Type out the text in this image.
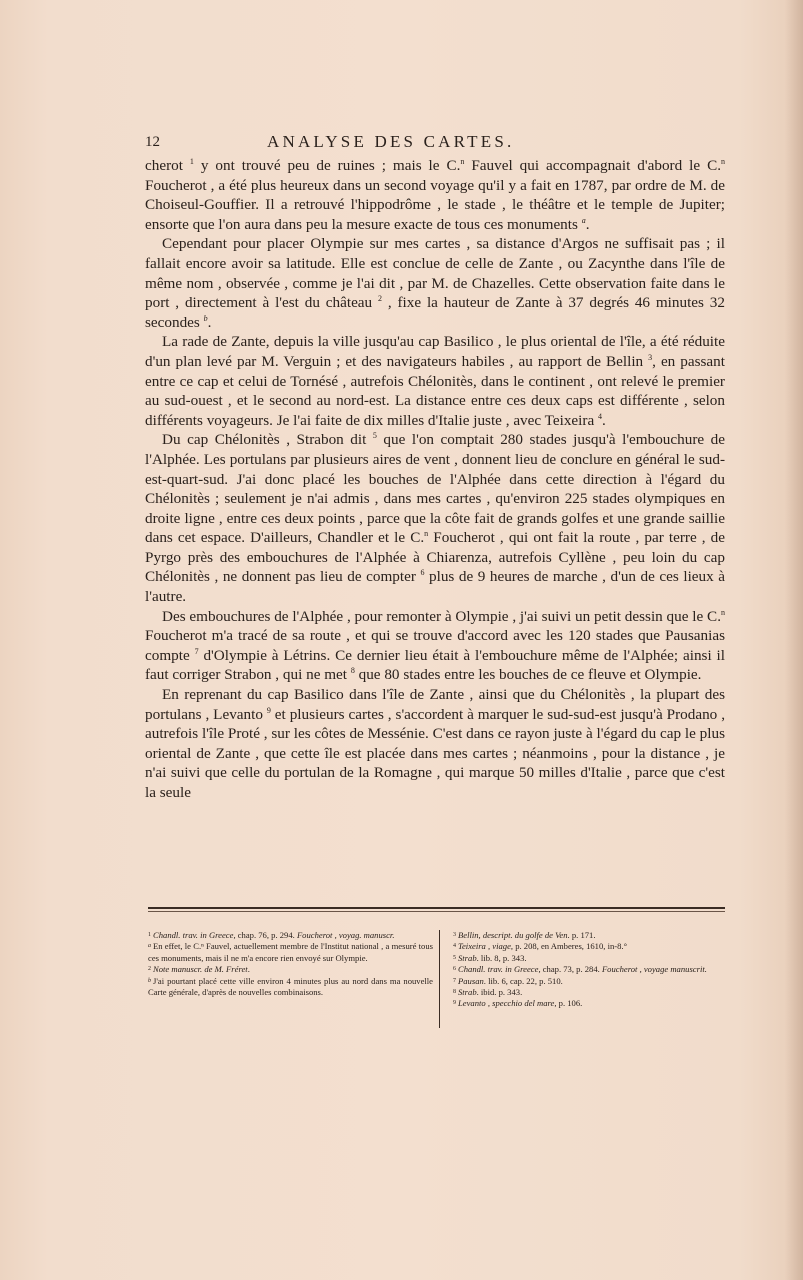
12	ANALYSE DES CARTES.

cherot $^1$ y ont trouvé peu de ruines ; mais le C.$^n$ Fauvel qui accompagnait d'abord le C.$^n$ Foucherot , a été plus heureux dans un second voyage qu'il y a fait en 1787, par ordre de M. de Choiseul-Gouffier. Il a retrouvé l'hippodrôme , le stade , le théâtre et le temple de Jupiter; ensorte que l'on aura dans peu la mesure exacte de tous ces monuments $^a$.

Cependant pour placer Olympie sur mes cartes , sa distance d'Argos ne suffisait pas ; il fallait encore avoir sa latitude. Elle est conclue de celle de Zante , ou Zacynthe dans l'île de même nom , observée , comme je l'ai dit , par M. de Chazelles. Cette observation faite dans le port , directement à l'est du château $^2$ , fixe la hauteur de Zante à 37 degrés 46 minutes 32 secondes $^b$.

La rade de Zante, depuis la ville jusqu'au cap Basilico , le plus oriental de l'île, a été réduite d'un plan levé par M. Verguin ; et des navigateurs habiles , au rapport de Bellin $^3$, en passant entre ce cap et celui de Tornésé , autrefois Chélonitès, dans le continent , ont relevé le premier au sud-ouest , et le second au nord-est. La distance entre ces deux caps est différente , selon différents voyageurs. Je l'ai faite de dix milles d'Italie juste , avec Teixeira $^4$.

Du cap Chélonitès , Strabon dit $^5$ que l'on comptait 280 stades jusqu'à l'embouchure de l'Alphée. Les portulans par plusieurs aires de vent , donnent lieu de conclure en général le sud-est-quart-sud. J'ai donc placé les bouches de l'Alphée dans cette direction à l'égard du Chélonitès ; seulement je n'ai admis , dans mes cartes , qu'environ 225 stades olympiques en droite ligne , entre ces deux points , parce que la côte fait de grands golfes et une grande saillie dans cet espace. D'ailleurs, Chandler et le C.$^n$ Foucherot , qui ont fait la route , par terre , de Pyrgo près des embouchures de l'Alphée à Chiarenza, autrefois Cyllène , peu loin du cap Chélonitès , ne donnent pas lieu de compter $^6$ plus de 9 heures de marche , d'un de ces lieux à l'autre.

Des embouchures de l'Alphée , pour remonter à Olympie , j'ai suivi un petit dessin que le C.$^n$ Foucherot m'a tracé de sa route , et qui se trouve d'accord avec les 120 stades que Pausanias compte $^7$ d'Olympie à Létrins. Ce dernier lieu était à l'embouchure même de l'Alphée; ainsi il faut corriger Strabon , qui ne met $^8$ que 80 stades entre les bouches de ce fleuve et Olympie.

En reprenant du cap Basilico dans l'île de Zante , ainsi que du Chélonitès , la plupart des portulans , Levanto $^9$ et plusieurs cartes , s'accordent à marquer le sud-sud-est jusqu'à Prodano , autrefois l'île Proté , sur les côtes de Messénie. C'est dans ce rayon juste à l'égard du cap le plus oriental de Zante , que cette île est placée dans mes cartes ; néanmoins , pour la distance , je n'ai suivi que celle du portulan de la Romagne , qui marque 50 milles d'Italie , parce que c'est la seule

$^1$ Chandl. trav. in Greece, chap. 76, p. 294. Foucherot , voyag. manuscr.

$^a$ En effet, le C.ⁿ Fauvel, actuellement membre de l'Institut national , a mesuré tous ces monuments, mais il ne m'a encore rien envoyé sur Olympie.

$^2$ Note manuscr. de M. Fréret.

$^b$ J'ai pourtant placé cette ville environ 4 minutes plus au nord dans ma nouvelle Carte générale, d'après de nouvelles combinaisons.

$^3$ Bellin, descript. du golfe de Ven. p. 171.

$^4$ Teixeira , viage, p. 208, en Amberes, 1610, in-8.°

$^5$ Strab. lib. 8, p. 343.

$^6$ Chandl. trav. in Greece, chap. 73, p. 284. Foucherot , voyage manuscrit.

$^7$ Pausan. lib. 6, cap. 22, p. 510.

$^8$ Strab. ibid. p. 343.

$^9$ Levanto , specchio del mare, p. 106.
